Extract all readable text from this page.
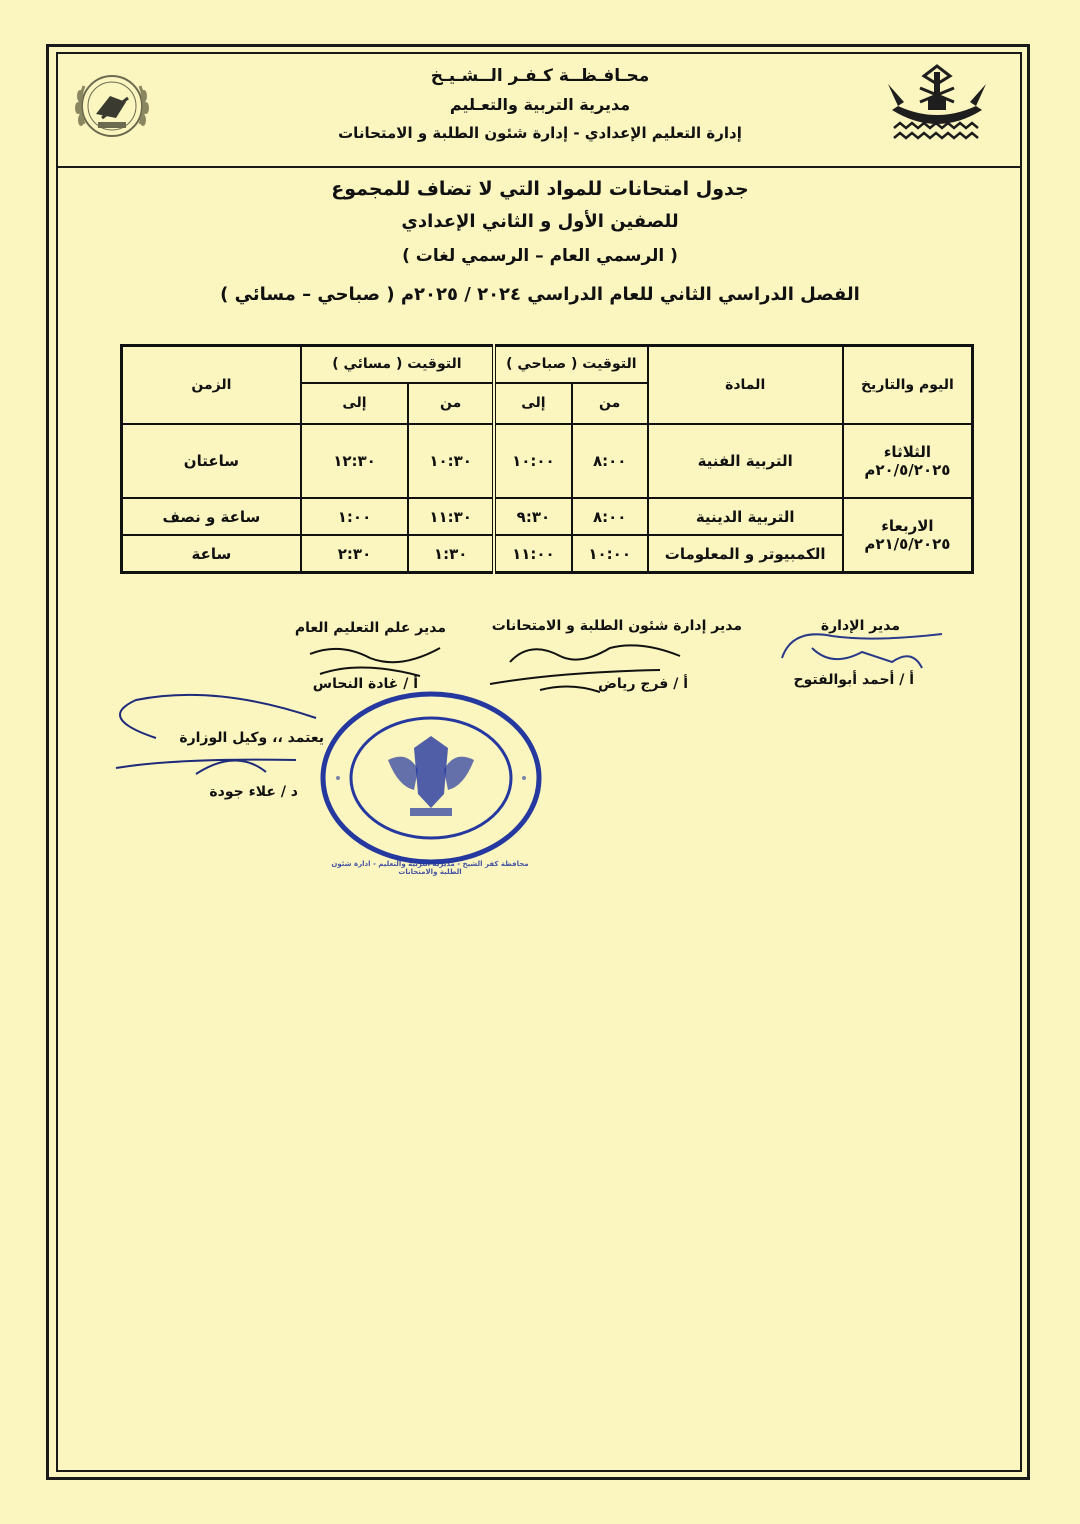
محـافـظــة كـفـر الــشـيـخ
مديرية التربية والتعـليم
إدارة التعليم الإعدادي - إدارة شئون الطلبة و الامتحانات
جدول امتحانات للمواد التي لا تضاف للمجموع
للصفين الأول و الثاني الإعدادي
( الرسمي العام – الرسمي لغات )
الفصل الدراسي الثاني للعام الدراسي ٢٠٢٤ / ٢٠٢٥م ( صباحي – مسائي )
اليوم والتاريخ	المادة	التوقيت ( صباحي )		التوقيت ( مسائي )		الزمن
		من	إلى	من	إلى	

الثلاثاء
٢٠/٥/٢٠٢٥م	التربية الفنية	٨:٠٠	١٠:٠٠	١٠:٣٠	١٢:٣٠	ساعتان

الاربعاء
٢١/٥/٢٠٢٥م	التربية الدينية	٨:٠٠	٩:٣٠	١١:٣٠	١:٠٠	ساعة و نصف
	الكمبيوتر و المعلومات	١٠:٠٠	١١:٠٠	١:٣٠	٢:٣٠	ساعة
مدير الإدارة
أ / أحمد أبوالفتوح
مدير إدارة شئون الطلبة و الامتحانات
أ / فرج رياض
مدير علم التعليم العام
أ / غادة النحاس
يعتمد ،، وكيل الوزارة
د / علاء جودة
محافظة كفر الشيخ - مديرية التربية والتعليم - ادارة شئون الطلبة والامتحانات
